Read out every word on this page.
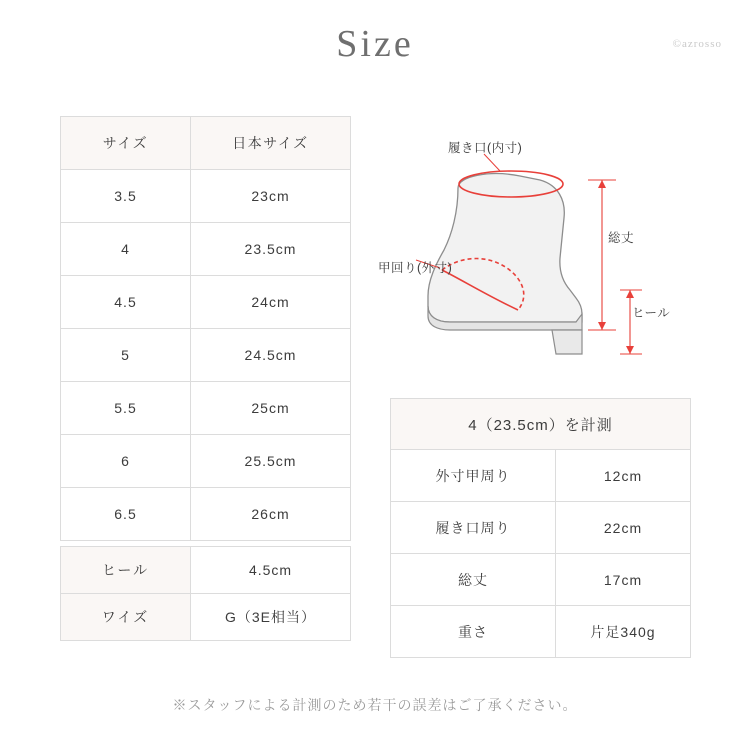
Size	©azrosso
サイズ	日本サイズ
3.5	23cm
4	23.5cm
4.5	24cm
5	24.5cm
5.5	25cm
6	25.5cm
6.5	26cm
ヒール	4.5cm
ワイズ	G（3E相当）
4（23.5cm）を計測	
外寸甲周り	12cm
履き口周り	22cm
総丈	17cm
重さ	片足340g
履き口(内寸)
甲回り(外寸)
総丈
ヒール
※スタッフによる計測のため若干の誤差はご了承ください。
